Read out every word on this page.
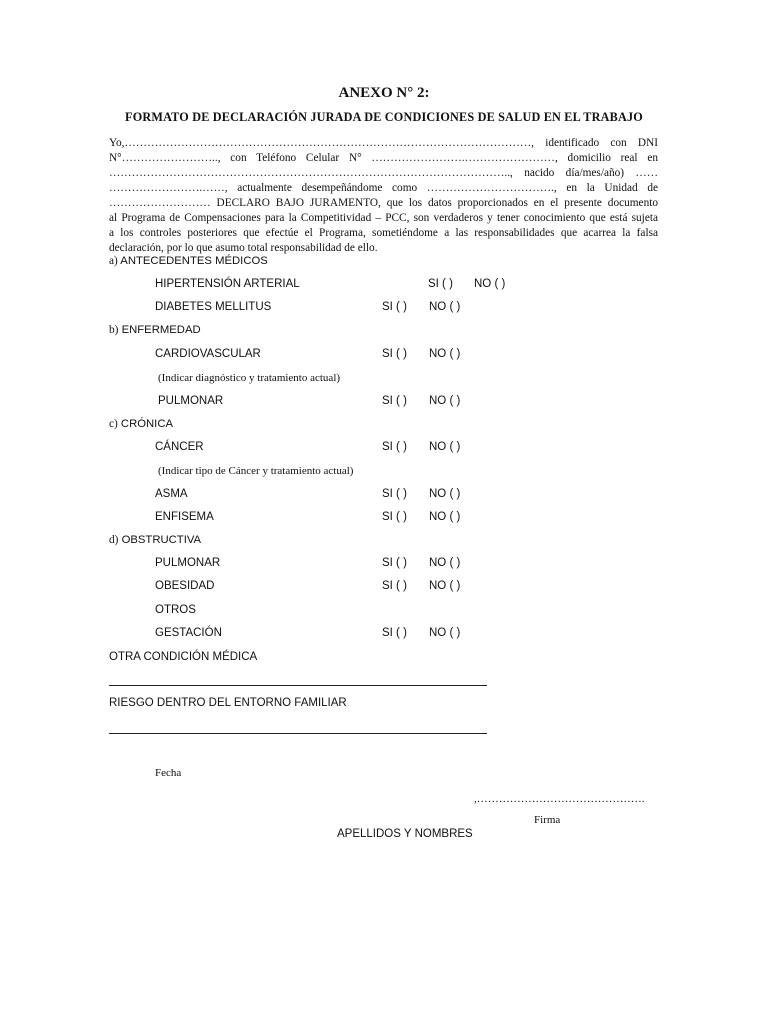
ANEXO N° 2:
FORMATO DE DECLARACIÓN JURADA DE CONDICIONES DE SALUD EN EL TRABAJO
Yo,………………………………………………………………………………………………, identificado con DNI
N°…………………….., con Teléfono Celular N° …………………….……………………, domicilio real en
…………………………………………………………………………………………….., nacido día/mes/año) ……
…………………….……, actualmente desempeñándome como ……………………………., en la Unidad de
……………………… DECLARO BAJO JURAMENTO, que los datos proporcionados en el presente documento
al Programa de Compensaciones para la Competitividad – PCC, son verdaderos y tener conocimiento que está sujeta
a los controles posteriores que efectúe el Programa, sometiéndome a las responsabilidades que acarrea la falsa
declaración, por lo que asumo total responsabilidad de ello.
a) ANTECEDENTES MÉDICOS
HIPERTENSIÓN ARTERIAL	SI ( ) NO ( )
DIABETES MELLITUS	SI ( ) NO ( )
b) ENFERMEDAD
CARDIOVASCULAR	SI ( ) NO ( )
(Indicar diagnóstico y tratamiento actual)
PULMONAR	SI ( ) NO ( )
c) CRÓNICA
CÁNCER	SI ( ) NO ( )
(Indicar tipo de Cáncer y tratamiento actual)
ASMA	SI ( ) NO ( )
ENFISEMA	SI ( ) NO ( )
d) OBSTRUCTIVA
PULMONAR	SI ( ) NO ( )
OBESIDAD	SI ( ) NO ( )
OTROS
GESTACIÓN	SI ( ) NO ( )
OTRA CONDICIÓN MÉDICA
RIESGO DENTRO DEL ENTORNO FAMILIAR
Fecha
,……………………………………….
Firma
APELLIDOS Y NOMBRES
